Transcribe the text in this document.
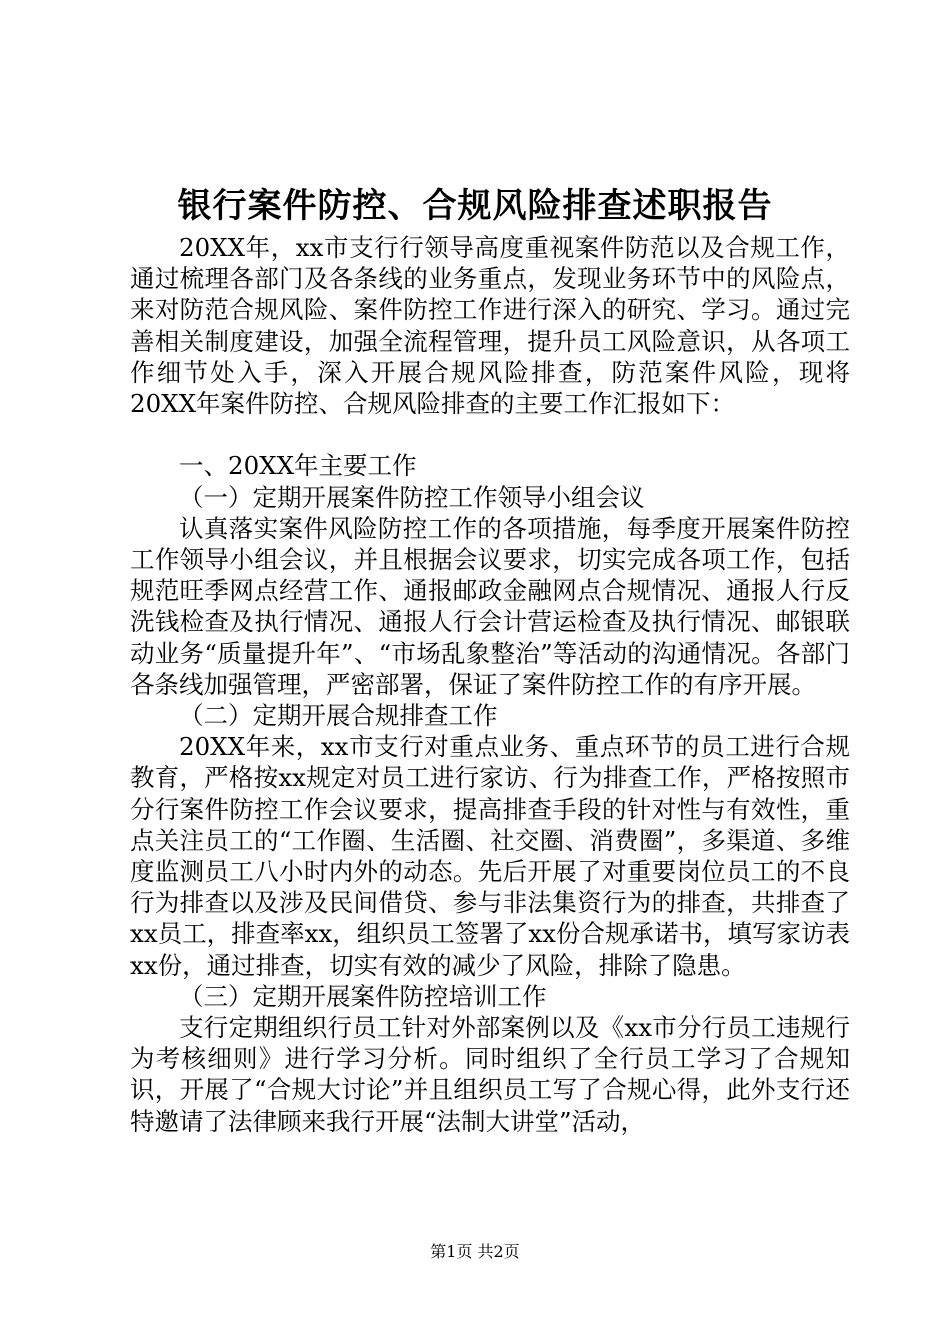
银行案件防控、合规风险排查述职报告

20XX年，xx市支行行领导高度重视案件防范以及合规工作，通过梳理各部门及各条线的业务重点，发现业务环节中的风险点，来对防范合规风险、案件防控工作进行深入的研究、学习。通过完善相关制度建设，加强全流程管理，提升员工风险意识，从各项工作细节处入手，深入开展合规风险排查，防范案件风险，现将20XX年案件防控、合规风险排查的主要工作汇报如下：

一、20XX年主要工作

（一）定期开展案件防控工作领导小组会议

认真落实案件风险防控工作的各项措施，每季度开展案件防控工作领导小组会议，并且根据会议要求，切实完成各项工作，包括规范旺季网点经营工作、通报邮政金融网点合规情况、通报人行反洗钱检查及执行情况、通报人行会计营运检查及执行情况、邮银联动业务“质量提升年”、“市场乱象整治”等活动的沟通情况。各部门各条线加强管理，严密部署，保证了案件防控工作的有序开展。

（二）定期开展合规排查工作

20XX年来，xx市支行对重点业务、重点环节的员工进行合规教育，严格按xx规定对员工进行家访、行为排查工作，严格按照市分行案件防控工作会议要求，提高排查手段的针对性与有效性，重点关注员工的“工作圈、生活圈、社交圈、消费圈”，多渠道、多维度监测员工八小时内外的动态。先后开展了对重要岗位员工的不良行为排查以及涉及民间借贷、参与非法集资行为的排查，共排查了xx员工，排查率xx，组织员工签署了xx份合规承诺书，填写家访表xx份，通过排查，切实有效的减少了风险，排除了隐患。

（三）定期开展案件防控培训工作

支行定期组织行员工针对外部案例以及《xx市分行员工违规行为考核细则》进行学习分析。同时组织了全行员工学习了合规知识，开展了“合规大讨论”并且组织员工写了合规心得，此外支行还特邀请了法律顾来我行开展“法制大讲堂”活动，

第1页 共2页
